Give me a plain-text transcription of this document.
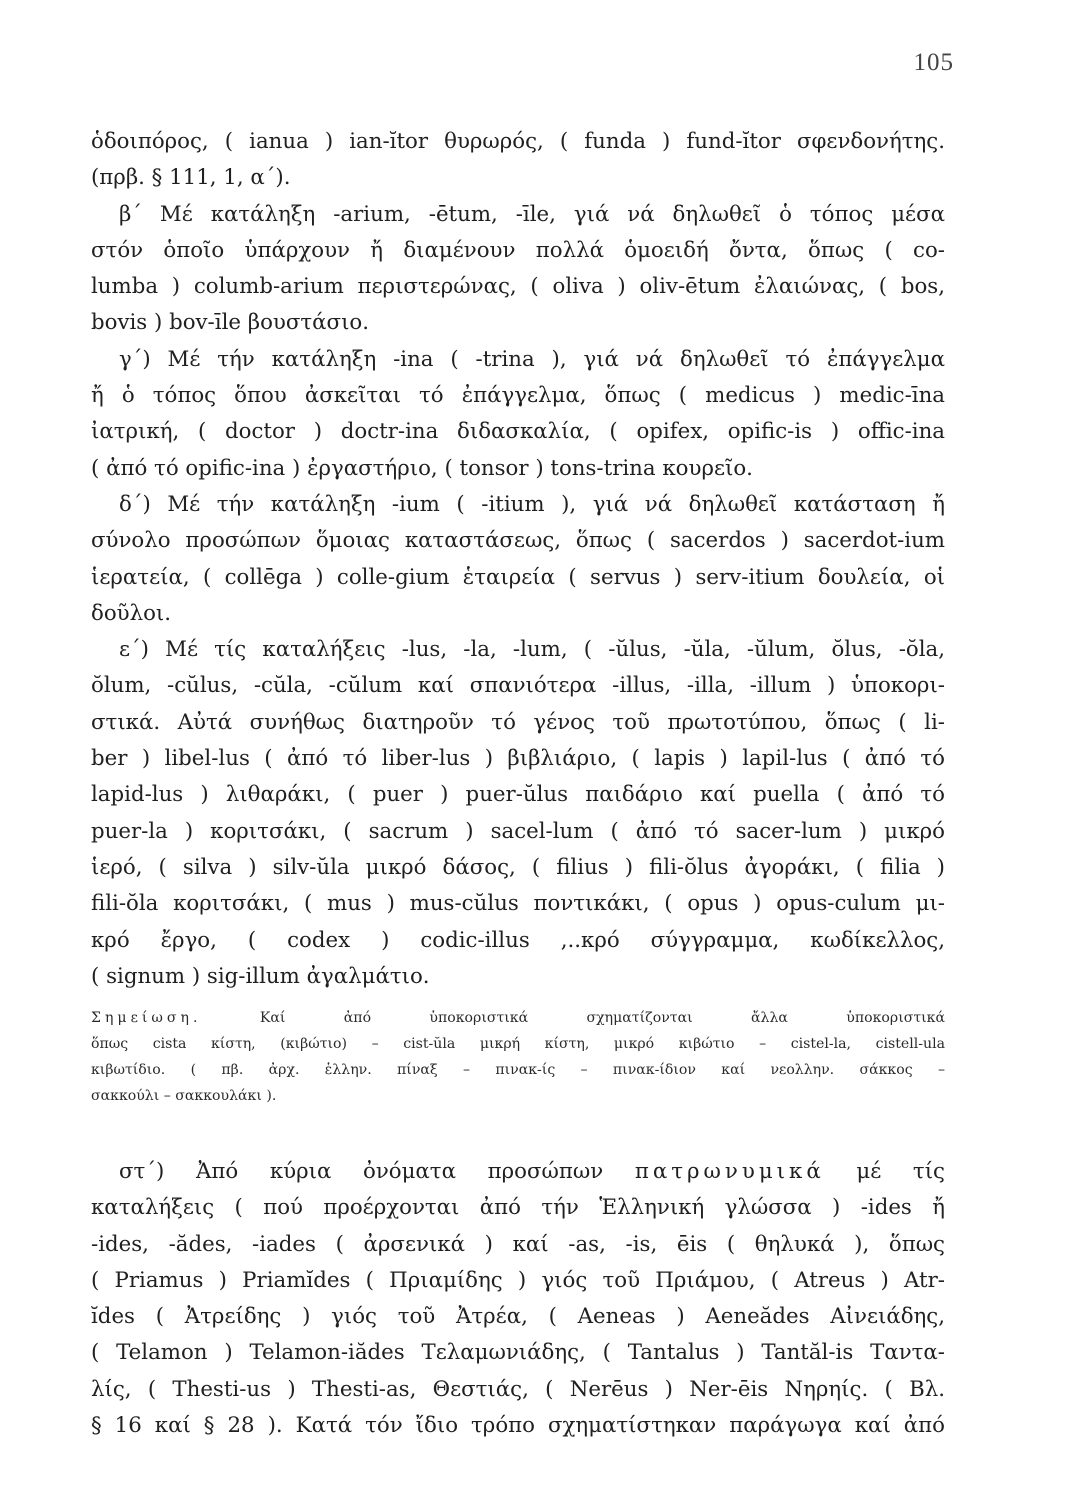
105
ὁδοιπόρος, ( ianua ) ian-ĭtor θυρωρός, ( funda ) fund-ĭtor σφενδονήτης.
(πρβ. § 111, 1, α΄).
β΄ Μέ κατάληξη -arium, -ētum, -īle, γιά νά δηλωθεῖ ὁ τόπος μέσα
στόν ὁποῖο ὑπάρχουν ἤ διαμένουν πολλά ὁμοειδή ὄντα, ὅπως ( co-
lumba ) columb-arium περιστερώνας, ( oliva ) oliv-ētum ἐλαιώνας, ( bos,
bovis ) bov-īle βουστάσιο.
γ΄) Μέ τήν κατάληξη -ina ( -trina ), γιά νά δηλωθεῖ τό ἐπάγγελμα
ἤ ὁ τόπος ὅπου ἀσκεῖται τό ἐπάγγελμα, ὅπως ( medicus ) medic-īna
ἰατρική, ( doctor ) doctr-ina διδασκαλία, ( opifex, opific-is ) offic-ina
( ἀπό τό opific-ina ) ἐργαστήριο, ( tonsor ) tons-trina κουρεῖο.
δ΄) Μέ τήν κατάληξη -ium ( -itium ), γιά νά δηλωθεῖ κατάσταση ἤ
σύνολο προσώπων ὅμοιας καταστάσεως, ὅπως ( sacerdos ) sacerdot-ium
ἱερατεία, ( collēga ) colle-gium ἑταιρεία ( servus ) serv-itium δουλεία, οἱ
δοῦλοι.
ε΄) Μέ τίς καταλήξεις -lus, -la, -lum, ( -ŭlus, -ŭla, -ŭlum, ŏlus, -ŏla,
ŏlum, -cŭlus, -cŭla, -cŭlum καί σπανιότερα -illus, -illa, -illum ) ὑποκορι-
στικά. Αὐτά συνήθως διατηροῦν τό γένος τοῦ πρωτοτύπου, ὅπως ( li-
ber ) libel-lus ( ἀπό τό liber-lus ) βιβλιάριο, ( lapis ) lapil-lus ( ἀπό τό
lapid-lus ) λιθαράκι, ( puer ) puer-ŭlus παιδάριο καί puella ( ἀπό τό
puer-la ) κοριτσάκι, ( sacrum ) sacel-lum ( ἀπό τό sacer-lum ) μικρό
ἱερό, ( silva ) silv-ŭla μικρό δάσος, ( filius ) fili-ŏlus ἀγοράκι, ( filia )
fili-ŏla κοριτσάκι, ( mus ) mus-cŭlus ποντικάκι, ( opus ) opus-culum μι-
κρό ἔργο, ( codex ) codic-illus ,..κρό σύγγραμμα, κωδίκελλος,
( signum ) sig-illum ἀγαλμάτιο.
Σημείωση.	Καί ἀπό ὑποκοριστικά σχηματίζονται ἄλλα ὑποκοριστικά
ὅπως cista κίστη, (κιβώτιο) – cist-ŭla μικρή κίστη, μικρό κιβώτιο – cistel-la, cistell-ula
κιβωτίδιο. ( πβ. ἀρχ. ἑλλην. πίναξ – πινακ-ίς – πινακ-ίδιον καί νεολλην. σάκκος –
σακκούλι – σακκουλάκι ).
στ΄) Ἀπό κύρια ὀνόματα προσώπων πατρωνυμικά μέ τίς
καταλήξεις ( πού προέρχονται ἀπό τήν Ἑλληνική γλώσσα ) -ides ἤ
-ides, -ădes, -iades ( ἀρσενικά ) καί -as, -is, ēis ( θηλυκά ), ὅπως
( Priamus ) Priamĭdes ( Πριαμίδης ) γιός τοῦ Πριάμου, ( Atreus ) Atr-
ĭdes ( Ἀτρείδης ) γιός τοῦ Ἀτρέα, ( Aeneas ) Aeneădes Αἰνειάδης,
( Telamon ) Telamon-iădes Τελαμωνιάδης, ( Tantalus ) Tantăl-is Ταντα-
λίς, ( Thesti-us ) Thesti-as, Θεστιάς, ( Nerēus ) Ner-ēis Νηρηίς. ( Βλ.
§ 16 καί § 28 ). Κατά τόν ἴδιο τρόπο σχηματίστηκαν παράγωγα καί ἀπό
